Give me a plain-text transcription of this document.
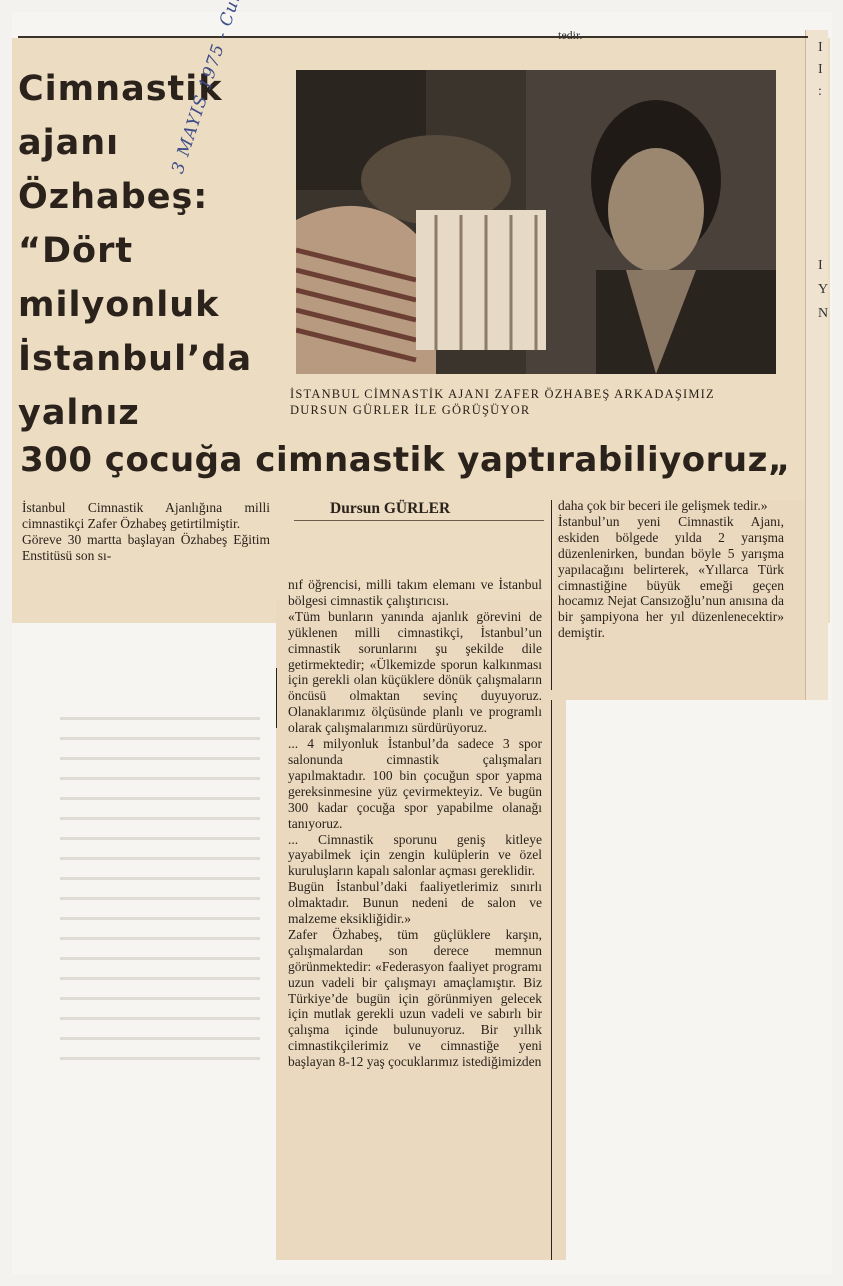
I
I
:
I
Y
N
tedir.
Cimnastik
ajanı
Özhabeş:
“Dört
milyonluk
İstanbul’da
yalnız
300 çocuğa cimnastik yaptırabiliyoruz„
İSTANBUL CİMNASTİK AJANI ZAFER ÖZHABEŞ ARKADAŞIMIZ
DURSUN GÜRLER İLE GÖRÜŞÜYOR
Dursun GÜRLER

İstanbul Cimnastik Ajanlığına milli cimnastikçi Zafer Özhabeş getirtilmiştir.

Göreve 30 martta başlayan Özhabeş Eğitim Enstitüsü son sı-

nıf öğrencisi, milli takım elemanı ve İstanbul bölgesi cimnastik çalıştırıcısı.

«Tüm bunların yanında ajanlık görevini de yüklenen milli cimnastikçi, İstanbul’un cimnastik sorunlarını şu şekilde dile getirmektedir; «Ülkemizde sporun kalkınması için gerekli olan küçüklere dönük çalışmaların öncüsü olmaktan sevinç duyuyoruz. Olanaklarımız ölçüsünde planlı ve programlı olarak çalışmalarımızı sürdürüyoruz.

... 4 milyonluk İstanbul’da sadece 3 spor salonunda cimnastik çalışmaları yapılmaktadır. 100 bin çocuğun spor yapma gereksinmesine yüz çevirmekteyiz. Ve bugün 300 kadar çocuğa spor yapabilme olanağı tanıyoruz.

... Cimnastik sporunu geniş kitleye yayabilmek için zengin kulüplerin ve özel kuruluşların kapalı salonlar açması gereklidir.

Bugün İstanbul’daki faaliyetlerimiz sınırlı olmaktadır. Bunun nedeni de salon ve malzeme eksikliğidir.»

Zafer Özhabeş, tüm güçlüklere karşın, çalışmalardan son derece memnun görünmektedir: «Federasyon faaliyet programı uzun vadeli bir çalışmayı amaçlamıştır. Biz Türkiye’de bugün için görünmiyen gelecek için mutlak gerekli uzun vadeli ve sabırlı bir çalışma içinde bulunuyoruz. Bir yıllık cimnastikçilerimiz ve cimnastiğe yeni başlayan 8-12 yaş çocuklarımız istediğimizden

daha çok bir beceri ile gelişmek tedir.»

İstanbul’un yeni Cimnastik Ajanı, eskiden bölgede yılda 2 yarışma düzenlenirken, bundan böyle 5 yarışma yapılacağını belirterek, «Yıllarca Türk cimnastiğine büyük emeği geçen hocamız Nejat Cansızoğlu’nun anısına da bir şampiyona her yıl düzenlenecektir» demiştir.
